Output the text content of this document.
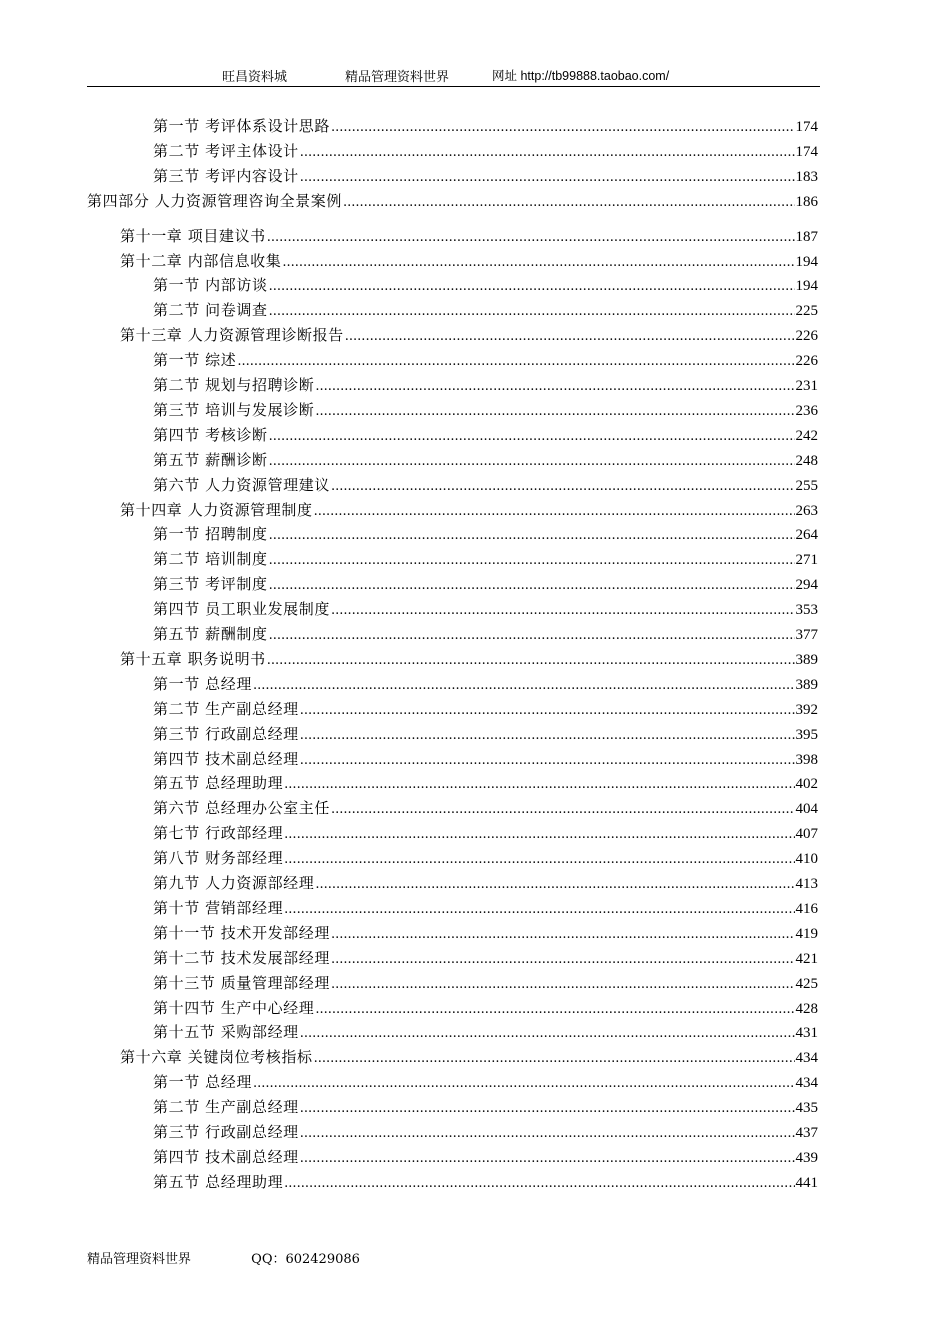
旺昌资料城	精品管理资料世界	网址 http://tb99888.taobao.com/
第一节 考评体系设计思路 .....	174
第二节 考评主体设计 .....	174
第三节 考评内容设计 .....	183
第四部分 人力资源管理咨询全景案例 .....	186
第十一章 项目建议书 .....	187
第十二章 内部信息收集 .....	194
第一节 内部访谈 .....	194
第二节 问卷调查 .....	225
第十三章 人力资源管理诊断报告 .....	226
第一节 综述 .....	226
第二节 规划与招聘诊断 .....	231
第三节 培训与发展诊断 .....	236
第四节 考核诊断 .....	242
第五节 薪酬诊断 .....	248
第六节 人力资源管理建议 .....	255
第十四章 人力资源管理制度 .....	263
第一节 招聘制度 .....	264
第二节 培训制度 .....	271
第三节 考评制度 .....	294
第四节 员工职业发展制度 .....	353
第五节 薪酬制度 .....	377
第十五章 职务说明书 .....	389
第一节 总经理 .....	389
第二节 生产副总经理 .....	392
第三节 行政副总经理 .....	395
第四节 技术副总经理 .....	398
第五节 总经理助理 .....	402
第六节 总经理办公室主任 .....	404
第七节 行政部经理 .....	407
第八节 财务部经理 .....	410
第九节 人力资源部经理 .....	413
第十节 营销部经理 .....	416
第十一节 技术开发部经理 .....	419
第十二节 技术发展部经理 .....	421
第十三节 质量管理部经理 .....	425
第十四节 生产中心经理 .....	428
第十五节 采购部经理 .....	431
第十六章 关键岗位考核指标 .....	434
第一节 总经理 .....	434
第二节 生产副总经理 .....	435
第三节 行政副总经理 .....	437
第四节 技术副总经理 .....	439
第五节 总经理助理 .....	441
精品管理资料世界	QQ：602429086
